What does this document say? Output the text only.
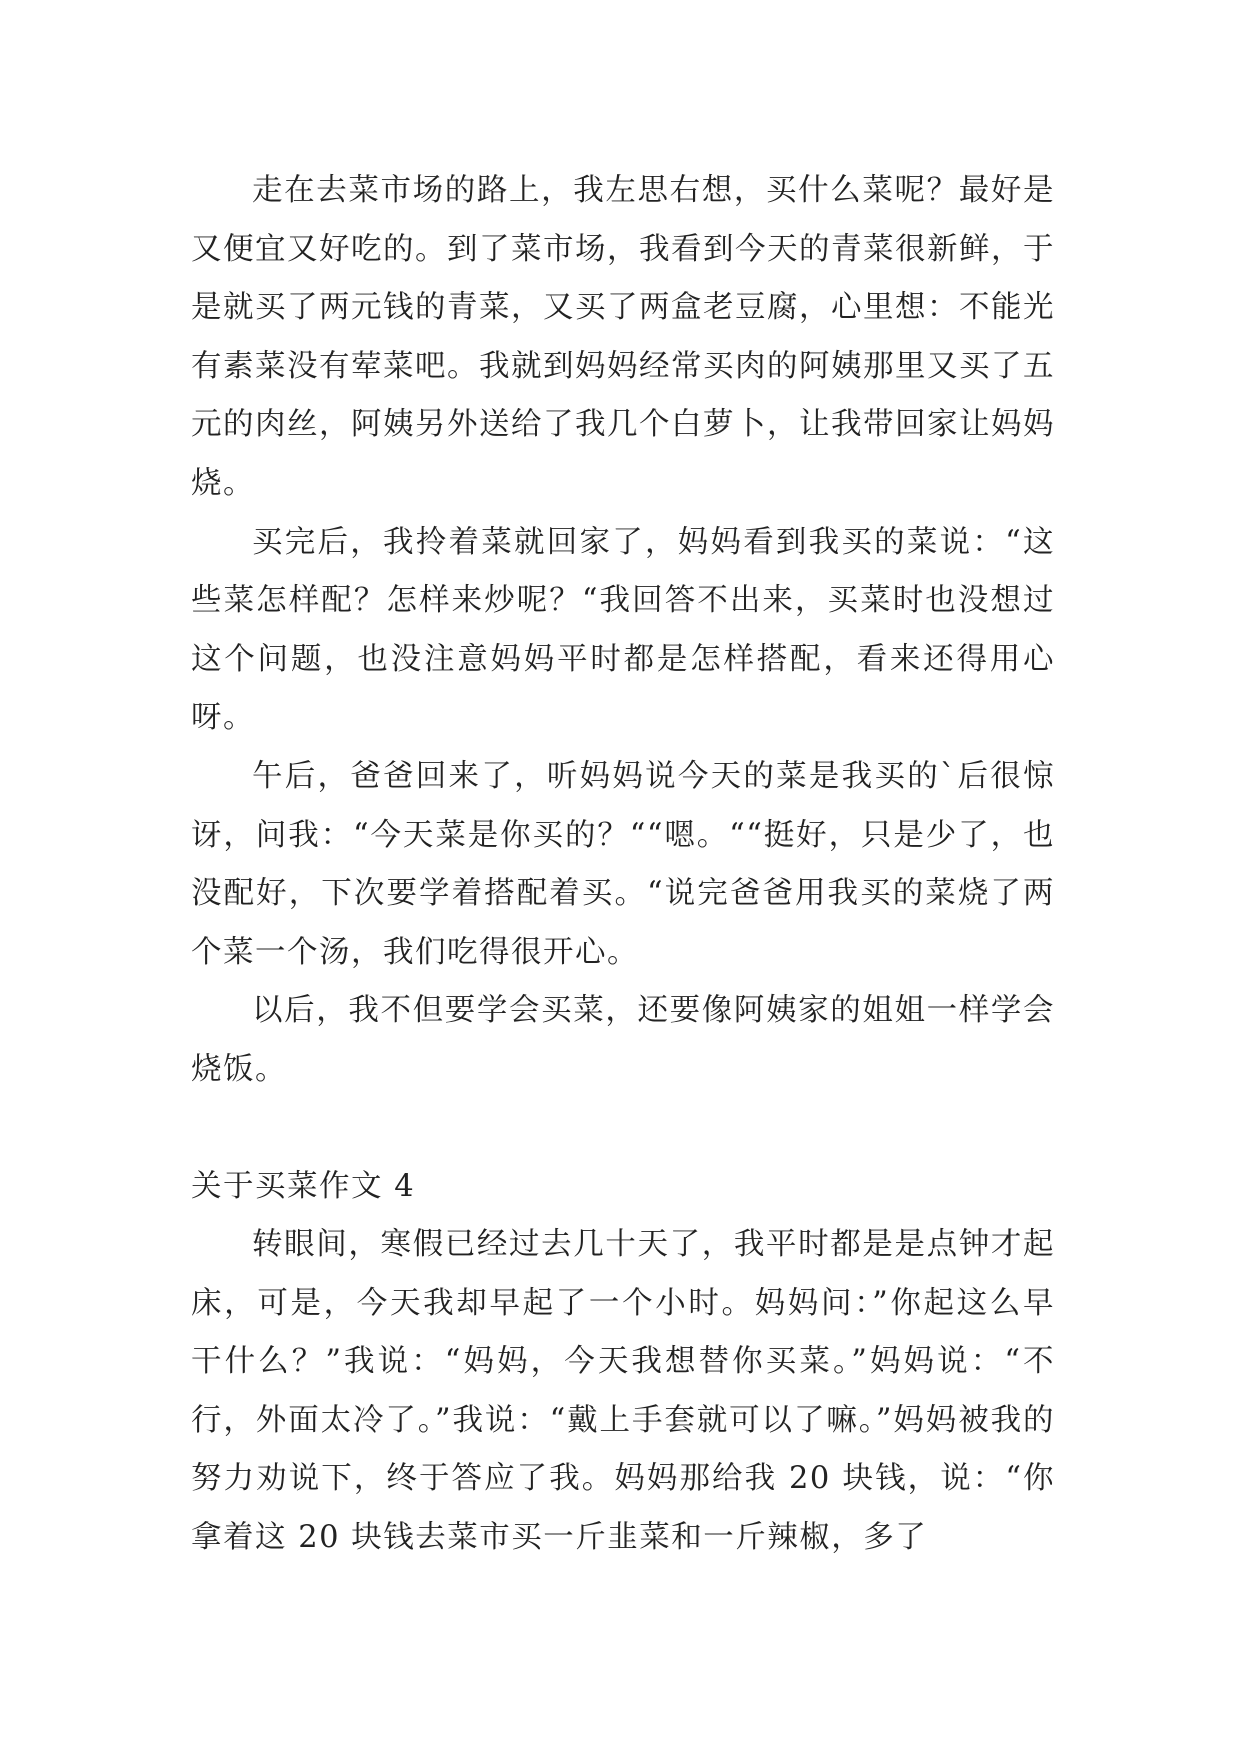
走在去菜市场的路上，我左思右想，买什么菜呢？最好是又便宜又好吃的。到了菜市场，我看到今天的青菜很新鲜，于是就买了两元钱的青菜，又买了两盒老豆腐，心里想：不能光有素菜没有荤菜吧。我就到妈妈经常买肉的阿姨那里又买了五元的肉丝，阿姨另外送给了我几个白萝卜，让我带回家让妈妈烧。

买完后，我拎着菜就回家了，妈妈看到我买的菜说：“这些菜怎样配？怎样来炒呢？“我回答不出来，买菜时也没想过这个问题，也没注意妈妈平时都是怎样搭配，看来还得用心呀。

午后，爸爸回来了，听妈妈说今天的菜是我买的`后很惊讶，问我：“今天菜是你买的？““嗯。““挺好，只是少了，也没配好，下次要学着搭配着买。“说完爸爸用我买的菜烧了两个菜一个汤，我们吃得很开心。

以后，我不但要学会买菜，还要像阿姨家的姐姐一样学会烧饭。

关于买菜作文 4

转眼间，寒假已经过去几十天了，我平时都是是点钟才起床，可是，今天我却早起了一个小时。妈妈问：”你起这么早干什么？”我说：“妈妈，今天我想替你买菜。”妈妈说：“不行，外面太冷了。”我说：“戴上手套就可以了嘛。”妈妈被我的努力劝说下，终于答应了我。妈妈那给我 20 块钱，说：“你拿着这 20 块钱去菜市买一斤韭菜和一斤辣椒，多了
